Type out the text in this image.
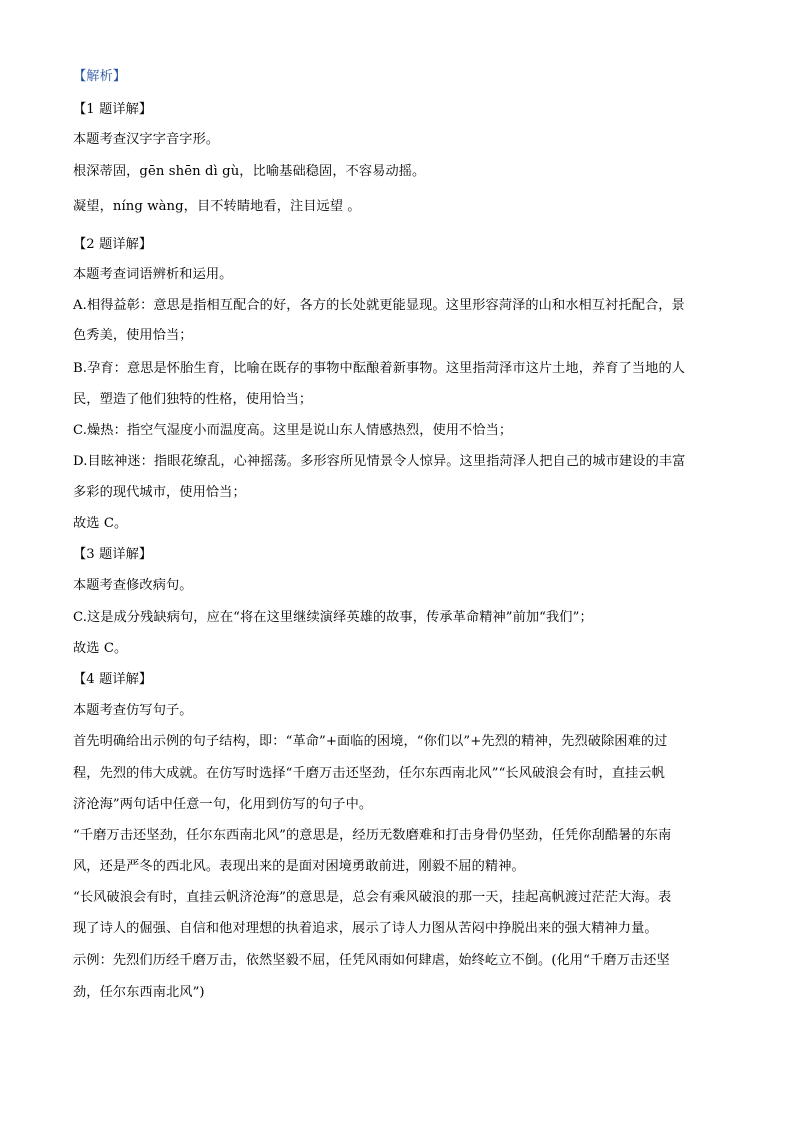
【解析】
【1 题详解】
本题考查汉字字音字形。
根深蒂固，gēn shēn dì gù，比喻基础稳固，不容易动摇。
凝望，níng wàng，目不转睛地看，注目远望 。
【2 题详解】
本题考查词语辨析和运用。
A.相得益彰：意思是指相互配合的好，各方的长处就更能显现。这里形容菏泽的山和水相互衬托配合，景
色秀美，使用恰当；
B.孕育：意思是怀胎生育，比喻在既存的事物中酝酿着新事物。这里指菏泽市这片土地，养育了当地的人
民，塑造了他们独特的性格，使用恰当；
C.燥热：指空气湿度小而温度高。这里是说山东人情感热烈，使用不恰当；
D.目眩神迷：指眼花缭乱，心神摇荡。多形容所见情景令人惊异。这里指菏泽人把自己的城市建设的丰富
多彩的现代城市，使用恰当；
故选 C。
【3 题详解】
本题考查修改病句。
C.这是成分残缺病句，应在“将在这里继续演绎英雄的故事，传承革命精神”前加“我们”；
故选 C。
【4 题详解】
本题考查仿写句子。
首先明确给出示例的句子结构，即：“革命”+面临的困境，“你们以”+先烈的精神，先烈破除困难的过
程，先烈的伟大成就。在仿写时选择“千磨万击还坚劲，任尔东西南北风”“长风破浪会有时，直挂云帆
济沧海”两句话中任意一句，化用到仿写的句子中。
“千磨万击还坚劲，任尔东西南北风”的意思是，经历无数磨难和打击身骨仍坚劲，任凭你刮酷暑的东南
风，还是严冬的西北风。表现出来的是面对困境勇敢前进，刚毅不屈的精神。
“长风破浪会有时，直挂云帆济沧海”的意思是，总会有乘风破浪的那一天，挂起高帆渡过茫茫大海。表
现了诗人的倔强、自信和他对理想的执着追求，展示了诗人力图从苦闷中挣脱出来的强大精神力量。
示例：先烈们历经千磨万击，依然坚毅不屈，任凭风雨如何肆虐，始终屹立不倒。(化用“千磨万击还坚
劲，任尔东西南北风”)
